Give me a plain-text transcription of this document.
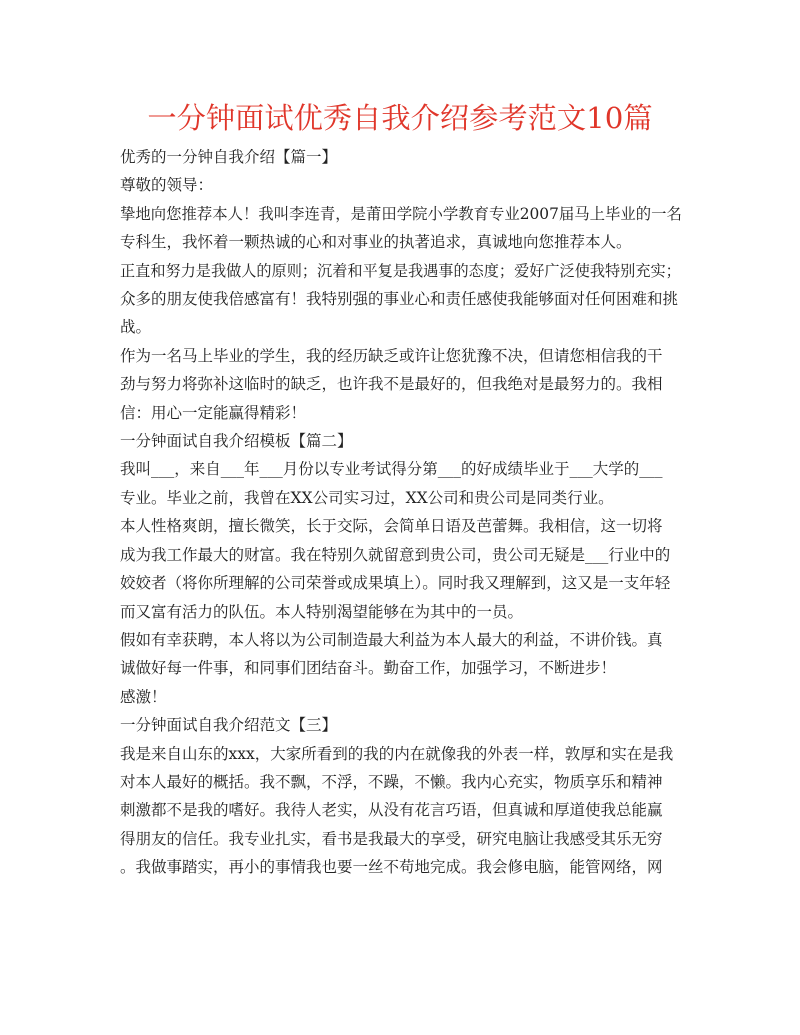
一分钟面试优秀自我介绍参考范文10篇
优秀的一分钟自我介绍【篇一】
尊敬的领导：
挚地向您推荐本人！我叫李连青，是莆田学院小学教育专业2007届马上毕业的一名
专科生，我怀着一颗热诚的心和对事业的执著追求，真诚地向您推荐本人。
正直和努力是我做人的原则；沉着和平复是我遇事的态度；爱好广泛使我特别充实；
众多的朋友使我倍感富有！我特别强的事业心和责任感使我能够面对任何困难和挑
战。
作为一名马上毕业的学生，我的经历缺乏或许让您犹豫不决，但请您相信我的干
劲与努力将弥补这临时的缺乏，也许我不是最好的，但我绝对是最努力的。我相
信：用心一定能赢得精彩！
一分钟面试自我介绍模板【篇二】
我叫___，来自___年___月份以专业考试得分第___的好成绩毕业于___大学的___
专业。毕业之前，我曾在XX公司实习过，XX公司和贵公司是同类行业。
本人性格爽朗，擅长微笑，长于交际，会简单日语及芭蕾舞。我相信，这一切将
成为我工作最大的财富。我在特别久就留意到贵公司，贵公司无疑是___行业中的
姣姣者（将你所理解的公司荣誉或成果填上）。同时我又理解到，这又是一支年轻
而又富有活力的队伍。本人特别渴望能够在为其中的一员。
假如有幸获聘，本人将以为公司制造最大利益为本人最大的利益，不讲价钱。真
诚做好每一件事，和同事们团结奋斗。勤奋工作，加强学习，不断进步！
感激！
一分钟面试自我介绍范文【三】
我是来自山东的xxx，大家所看到的我的内在就像我的外表一样，敦厚和实在是我
对本人最好的概括。我不飘，不浮，不躁，不懒。我内心充实，物质享乐和精神
刺激都不是我的嗜好。我待人老实，从没有花言巧语，但真诚和厚道使我总能赢
得朋友的信任。我专业扎实，看书是我最大的享受，研究电脑让我感受其乐无穷
。我做事踏实，再小的事情我也要一丝不苟地完成。我会修电脑，能管网络，网
